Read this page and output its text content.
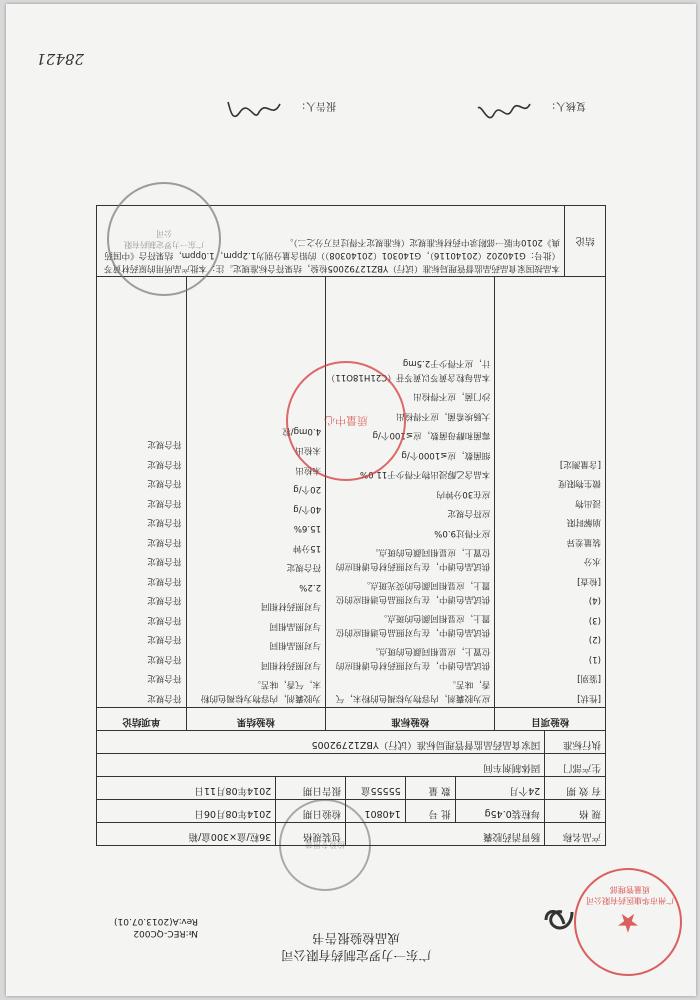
28421
广东一力罗定制药有限公司
成品检验报告书
№:REC-QC002
Rev:A(2013.07.01)	★
广州市华康医药有限公司
质量管理部
检验专用章
产品名称
肠胃消药胶囊
包装规格
36粒/盒×300盒/箱
规 格
每粒装0.45g
批 号
140801
检验日期
2014年08月06日
有 效 期
24个月
数 量
55555盒
报告日期
2014年08月11日
生产部门
固体制剂车间
执行标准
国家食品药品监督管理局标准（试行）YBZ12792005
检验项目
检验标准
检验结果
单项结论
[性状]
[鉴别]
(1)
(2)
(3)
(4)
[检查]
水分
装量差异
崩解时限
浸出物
微生物限度
[含量测定]
应为胶囊剂，内容物为棕褐色的粉末，气香，味苦。
供试品色谱中，在与对照药材色谱相应的位置上，应显相同颜色的斑点。
供试品色谱中，在与对照品色谱相应的位置上，应显相同颜色的斑点。
供试品色谱中，在与对照品色谱相应的位置上，应显相同颜色的荧光斑点。
供试品色谱中，在与对照药材色谱相应的位置上，应显相同颜色的斑点。
应不得过9.0%
应符合规定
应在30分钟内
本品含乙醇浸出物不得少于11.0%
细菌数，应≤1000个/g
霉菌和酵母菌数，应≤100个/g
大肠埃希菌，应不得检出
沙门菌，应不得检出
本品每粒含黄芩以黄芩苷（C21H18O11）计，应不得少于2.5mg
为胶囊剂，内容物为棕褐色的粉末，气香，味苦。
与对照药材相同
与对照品相同
与对照品相同
与对照药材相同
2.2%
符合规定
15分钟
15.6%
40个/g
20个/g
未检出
未检出
4.0mg/粒
符合规定
符合规定
符合规定
符合规定
符合规定
符合规定
符合规定
符合规定
符合规定
符合规定
符合规定
符合规定
符合规定
符合规定
结论
本品按国家食品药品监督管理局标准（试行）YBZ12792005检验，结果符合标准规定。注：本批产品所用的原药材黄芩（批号：G140202（20140116），G140301（20140308））的铅含量分别为1.2ppm，1.0ppm，结果符合《中国药典》2010年版一部附录中药材标准规定（标准规定不得过百万分之二）。
复核人：
报告人：
质量中心
广东一力罗定制药有限公司
